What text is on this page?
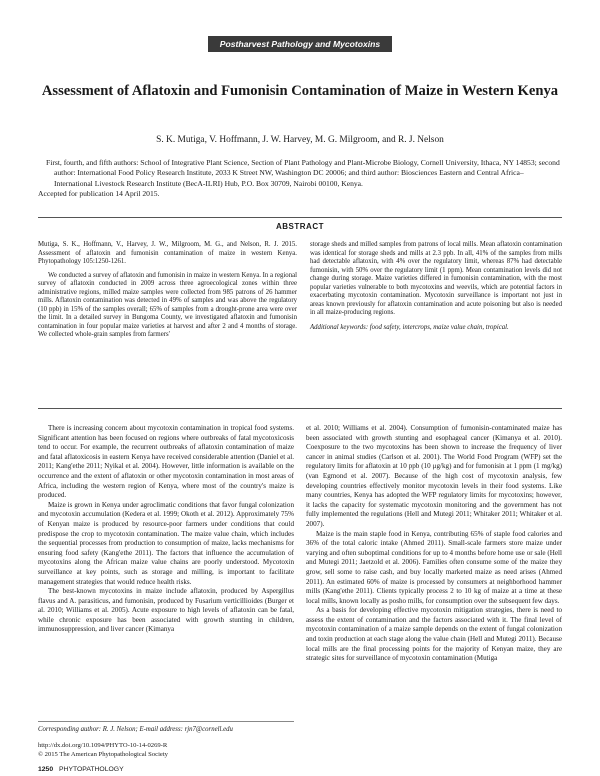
Postharvest Pathology and Mycotoxins
Assessment of Aflatoxin and Fumonisin Contamination of Maize in Western Kenya

S. K. Mutiga, V. Hoffmann, J. W. Harvey, M. G. Milgroom, and R. J. Nelson

First, fourth, and fifth authors: School of Integrative Plant Science, Section of Plant Pathology and Plant-Microbe Biology, Cornell University, Ithaca, NY 14853; second author: International Food Policy Research Institute, 2033 K Street NW, Washington DC 20006; and third author: Biosciences Eastern and Central Africa–International Livestock Research Institute (BecA-ILRI) Hub, P.O. Box 30709, Nairobi 00100, Kenya.

Accepted for publication 14 April 2015.

ABSTRACT

Mutiga, S. K., Hoffmann, V., Harvey, J. W., Milgroom, M. G., and Nelson, R. J. 2015. Assessment of aflatoxin and fumonisin contamination of maize in western Kenya. Phytopathology 105:1250-1261.

We conducted a survey of aflatoxin and fumonisin in maize in western Kenya. In a regional survey of aflatoxin conducted in 2009 across three agroecological zones within three administrative regions, milled maize samples were collected from 985 patrons of 26 hammer mills. Aflatoxin contamination was detected in 49% of samples and was above the regulatory (10 ppb) in 15% of the samples overall; 65% of samples from a drought-prone area were over the limit. In a detailed survey in Bungoma County, we investigated aflatoxin and fumonisin contamination in four popular maize varieties at harvest and after 2 and 4 months of storage. We collected whole-grain samples from farmers'

storage sheds and milled samples from patrons of local mills. Mean aflatoxin contamination was identical for storage sheds and mills at 2.3 ppb. In all, 41% of the samples from mills had detectable aflatoxin, with 4% over the regulatory limit, whereas 87% had detectable fumonisin, with 50% over the regulatory limit (1 ppm). Mean contamination levels did not change during storage. Maize varieties differed in fumonisin contamination, with the most popular varieties vulnerable to both mycotoxins and weevils, which are potential factors in exacerbating mycotoxin contamination. Mycotoxin surveillance is important not just in areas known previously for aflatoxin contamination and acute poisoning but also is needed in all maize-producing regions.

Additional keywords: food safety, intercrops, maize value chain, tropical.

There is increasing concern about mycotoxin contamination in tropical food systems. Significant attention has been focused on regions where outbreaks of fatal mycotoxicosis tend to occur. For example, the recurrent outbreaks of aflatoxin contamination of maize and fatal aflatoxicosis in eastern Kenya have received considerable attention (Daniel et al. 2011; Kang'ethe 2011; Nyikal et al. 2004). However, little information is available on the occurrence and the extent of aflatoxin or other mycotoxin contamination in most areas of Africa, including the western region of Kenya, where most of the country's maize is produced.

Maize is grown in Kenya under agroclimatic conditions that favor fungal colonization and mycotoxin accumulation (Kedera et al. 1999; Okoth et al. 2012). Approximately 75% of Kenyan maize is produced by resource-poor farmers under conditions that could predispose the crop to mycotoxin contamination. The maize value chain, which includes the sequential processes from production to consumption of maize, lacks mechanisms for ensuring food safety (Kang'ethe 2011). The factors that influence the accumulation of mycotoxins along the African maize value chains are poorly understood. Mycotoxin surveillance at key points, such as storage and milling, is important to facilitate management strategies that would reduce health risks.

The best-known mycotoxins in maize include aflatoxin, produced by Aspergillus flavus and A. parasiticus, and fumonisin, produced by Fusarium verticillioides (Burger et al. 2010; Williams et al. 2005). Acute exposure to high levels of aflatoxin can be fatal, while chronic exposure has been associated with growth stunting in children, immunosuppression, and liver cancer (Kimanya

et al. 2010; Williams et al. 2004). Consumption of fumonisin-contaminated maize has been associated with growth stunting and esophageal cancer (Kimanya et al. 2010). Coexposure to the two mycotoxins has been shown to increase the frequency of liver cancer in animal studies (Carlson et al. 2001). The World Food Program (WFP) set the regulatory limits for aflatoxin at 10 ppb (10 μg/kg) and for fumonisin at 1 ppm (1 mg/kg) (van Egmond et al. 2007). Because of the high cost of mycotoxin analysis, few developing countries effectively monitor mycotoxin levels in their food systems. Like many countries, Kenya has adopted the WFP regulatory limits for mycotoxins; however, it lacks the capacity for systematic mycotoxin monitoring and the government has not fully implemented the regulations (Hell and Mutegi 2011; Whitaker 2011; Whitaker et al. 2007).

Maize is the main staple food in Kenya, contributing 65% of staple food calories and 36% of the total caloric intake (Ahmed 2011). Small-scale farmers store maize under varying and often suboptimal conditions for up to 4 months before home use or sale (Hell and Mutegi 2011; Jaetzold et al. 2006). Families often consume some of the maize they grow, sell some to raise cash, and buy locally marketed maize as need arises (Ahmed 2011). An estimated 60% of maize is processed by consumers at neighborhood hammer mills (Kang'ethe 2011). Clients typically process 2 to 10 kg of maize at a time at these local mills, known locally as posho mills, for consumption over the subsequent few days.

As a basis for developing effective mycotoxin mitigation strategies, there is need to assess the extent of contamination and the factors associated with it. The final level of mycotoxin contamination of a maize sample depends on the extent of fungal colonization and toxin production at each stage along the value chain (Hell and Mutegi 2011). Because local mills are the final processing points for the majority of Kenyan maize, they are strategic sites for surveillance of mycotoxin contamination (Mutiga

Corresponding author: R. J. Nelson; E-mail address: rjn7@cornell.edu

http://dx.doi.org/10.1094/PHYTO-10-14-0269-R
© 2015 The American Phytopathological Society
1250 PHYTOPATHOLOGY
